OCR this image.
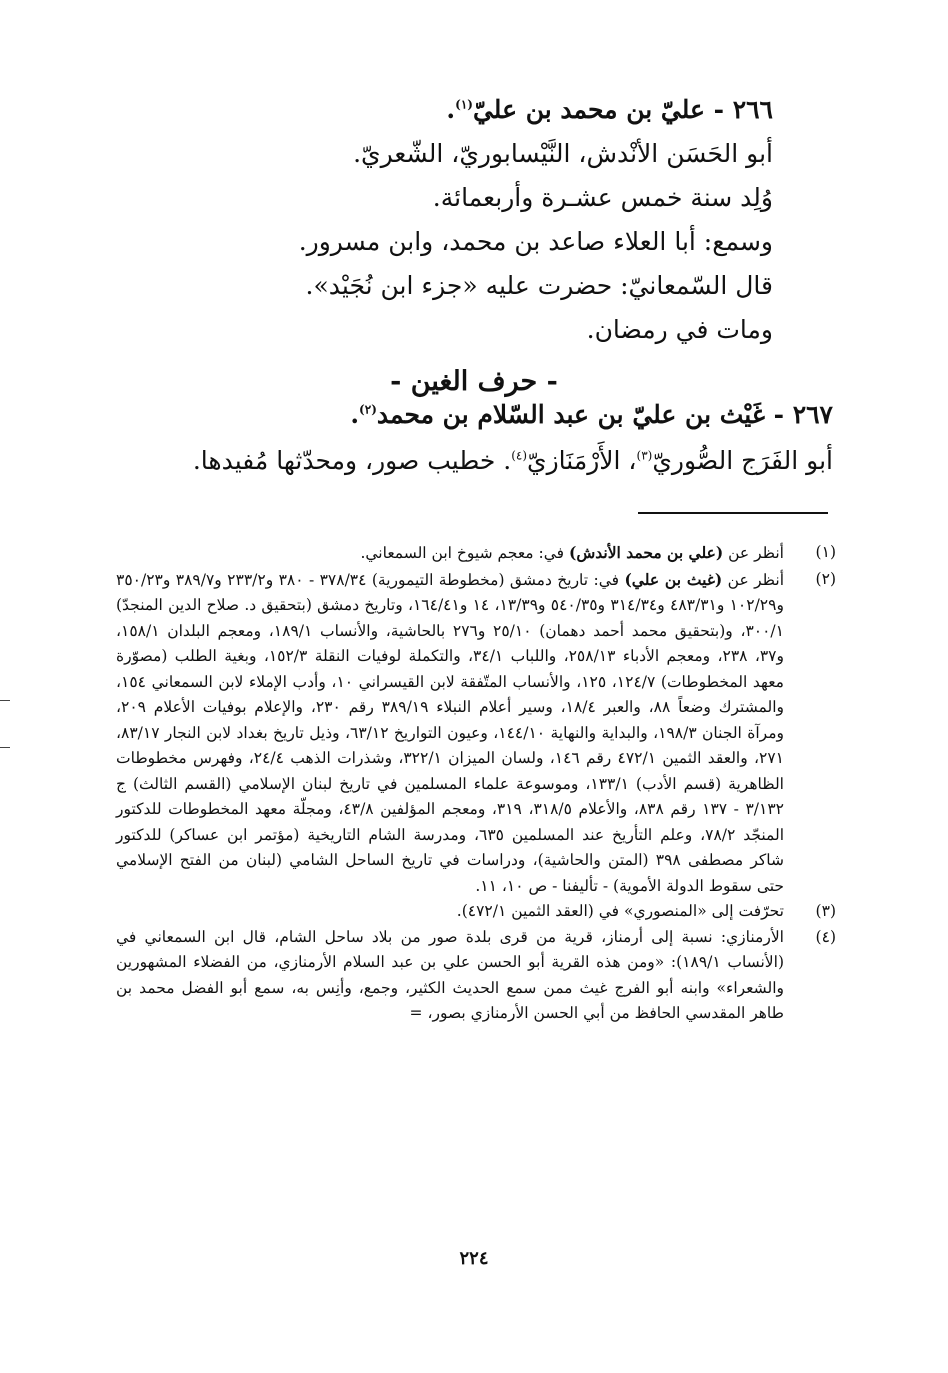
٢٦٦ - عليّ بن محمد بن عليّ$^{(١)}$.
أبو الحَسَن الأنْدش، النَّيْسابوريّ، الشّعريّ.
وُلِد سنة خمس عشـرة وأربعمائة.
وسمع: أبا العلاء صاعد بن محمد، وابن مسرور.
قال السّمعانيّ: حضرت عليه «جزء ابن نُجَيْد».
ومات في رمضان.
- حرف الغين -
٢٦٧ - غَيْث بن عليّ بن عبد السّلام بن محمد$^{(٢)}$.
أبو الفَرَج الصُّوريّ$^{(٣)}$، الأَرْمَنَازيّ$^{(٤)}$. خطيب صور، ومحدّثها مُفيدها.
(١)
أنظر عن (علي بن محمد الأندش) في: معجم شيوخ ابن السمعاني.
(٢)
أنظر عن (غيث بن علي) في: تاريخ دمشق (مخطوطة التيمورية) ٣٧٨/٣٤ - ٣٨٠ و٢٣٣/٢ و٣٨٩/٧ و٣٥٠/٢٣ و١٠٢/٢٩ و٤٨٣/٣١ و٣١٤/٣٤ و٥٤٠/٣٥ و١٣/٣٩، ١٤ و١٦٤/٤١، وتاريخ دمشق (بتحقيق د. صلاح الدين المنجدّ) ٣٠٠/١، و(بتحقيق محمد أحمد دهمان) ٢٥/١٠ و٢٧٦ بالحاشية، والأنساب ١٨٩/١، ومعجم البلدان ١٥٨/١، و٣٧، ٢٣٨، ومعجم الأدباء ٢٥٨/١٣، واللباب ٣٤/١، والتكملة لوفيات النقلة ١٥٢/٣، وبغية الطلب (مصوّرة معهد المخطوطات) ١٢٤/٧، ١٢٥، والأنساب المتّفقة لابن القيسراني ١٠، وأدب الإملاء لابن السمعاني ١٥٤، والمشترك وضعاً ٨٨، والعبر ١٨/٤، وسير أعلام النبلاء ٣٨٩/١٩ رقم ٢٣٠، والإعلام بوفيات الأعلام ٢٠٩، ومرآة الجنان ١٩٨/٣، والبداية والنهاية ١٤٤/١٠، وعيون التواريخ ٦٣/١٢، وذيل تاريخ بغداد لابن النجار ٨٣/١٧، ٢٧١، والعقد الثمين ٤٧٢/١ رقم ١٤٦، ولسان الميزان ٣٢٢/١، وشذرات الذهب ٢٤/٤، وفهرس مخطوطات الظاهرية (قسم الأدب) ١٣٣/١، وموسوعة علماء المسلمين في تاريخ لبنان الإسلامي (القسم الثالث) ج ٣/١٣٢ - ١٣٧ رقم ٨٣٨، والأعلام ٣١٨/٥، ٣١٩، ومعجم المؤلفين ٤٣/٨، ومجلّة معهد المخطوطات للدكتور المنجّد ٧٨/٢، وعلم التأريخ عند المسلمين ٦٣٥، ومدرسة الشام التاريخية (مؤتمر ابن عساكر) للدكتور شاكر مصطفى ٣٩٨ (المتن والحاشية)، ودراسات في تاريخ الساحل الشامي (لبنان من الفتح الإسلامي حتى سقوط الدولة الأموية) - تأليفنا - ص ١٠، ١١.
(٣)
تحرّفت إلى «المنصوري» في (العقد الثمين ٤٧٢/١).
(٤)
الأرمنازي: نسبة إلى أرمناز، قرية من قرى بلدة صور من بلاد ساحل الشام، قال ابن السمعاني في (الأنساب ١٨٩/١): «ومن هذه القرية أبو الحسن علي بن عبد السلام الأرمنازي، من الفضلاء المشهورين والشعراء» وابنه أبو الفرج غيث ممن سمع الحديث الكثير، وجمع، وأنِس به، سمع أبو الفضل محمد بن طاهر المقدسي الحافظ من أبي الحسن الأرمنازي بصور، =
٢٢٤
